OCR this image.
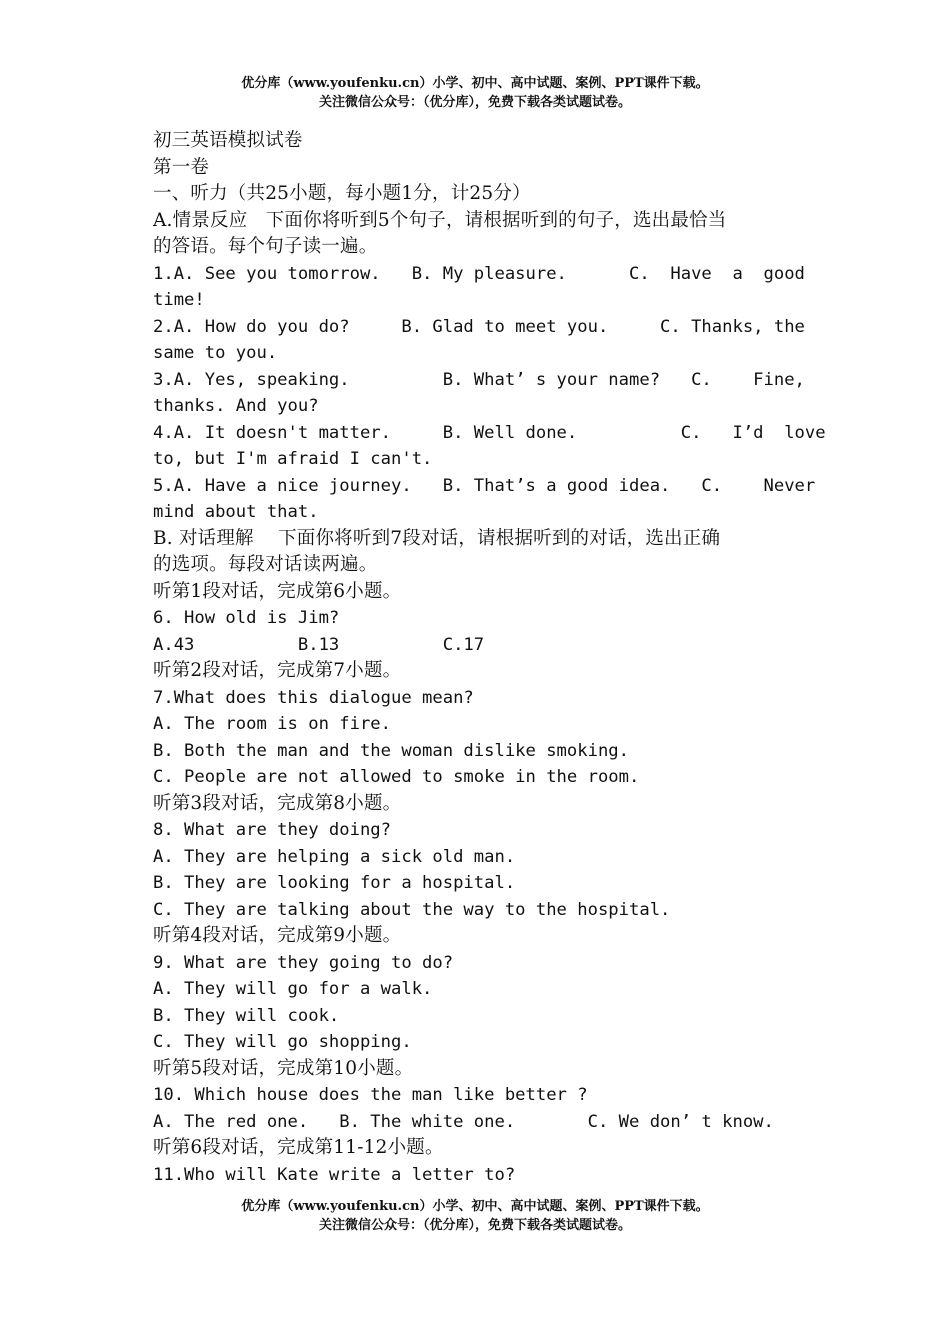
优分库（www.youfenku.cn）小学、初中、高中试题、案例、PPT课件下载。
关注微信公众号：（优分库），免费下载各类试题试卷。
初三英语模拟试卷
第一卷
一、听力（共25小题，每小题1分，计25分）
A.情景反应   下面你将听到5个句子，请根据听到的句子，选出最恰当
的答语。每个句子读一遍。
1.A. See you tomorrow.   B. My pleasure.      C.  Have  a  good
time!
2.A. How do you do?     B. Glad to meet you.     C. Thanks, the
same to you.
3.A. Yes, speaking.         B. What’ s your name?   C.    Fine,
thanks. And you?
4.A. It doesn't matter.     B. Well done.          C.   I’d  love
to, but I'm afraid I can't.
5.A. Have a nice journey.   B. That’s a good idea.   C.    Never
mind about that.
B. 对话理解    下面你将听到7段对话，请根据听到的对话，选出正确
的选项。每段对话读两遍。
听第1段对话，完成第6小题。
6. How old is Jim?
A.43          B.13          C.17
听第2段对话，完成第7小题。
7.What does this dialogue mean?
A. The room is on fire.
B. Both the man and the woman dislike smoking.
C. People are not allowed to smoke in the room.
听第3段对话，完成第8小题。
8. What are they doing?
A. They are helping a sick old man.
B. They are looking for a hospital.
C. They are talking about the way to the hospital.
听第4段对话，完成第9小题。
9. What are they going to do?
A. They will go for a walk.
B. They will cook.
C. They will go shopping.
听第5段对话，完成第10小题。
10. Which house does the man like better ?
A. The red one.   B. The white one.       C. We don’ t know.
听第6段对话，完成第11-12小题。
11.Who will Kate write a letter to?
优分库（www.youfenku.cn）小学、初中、高中试题、案例、PPT课件下载。
关注微信公众号：（优分库），免费下载各类试题试卷。
